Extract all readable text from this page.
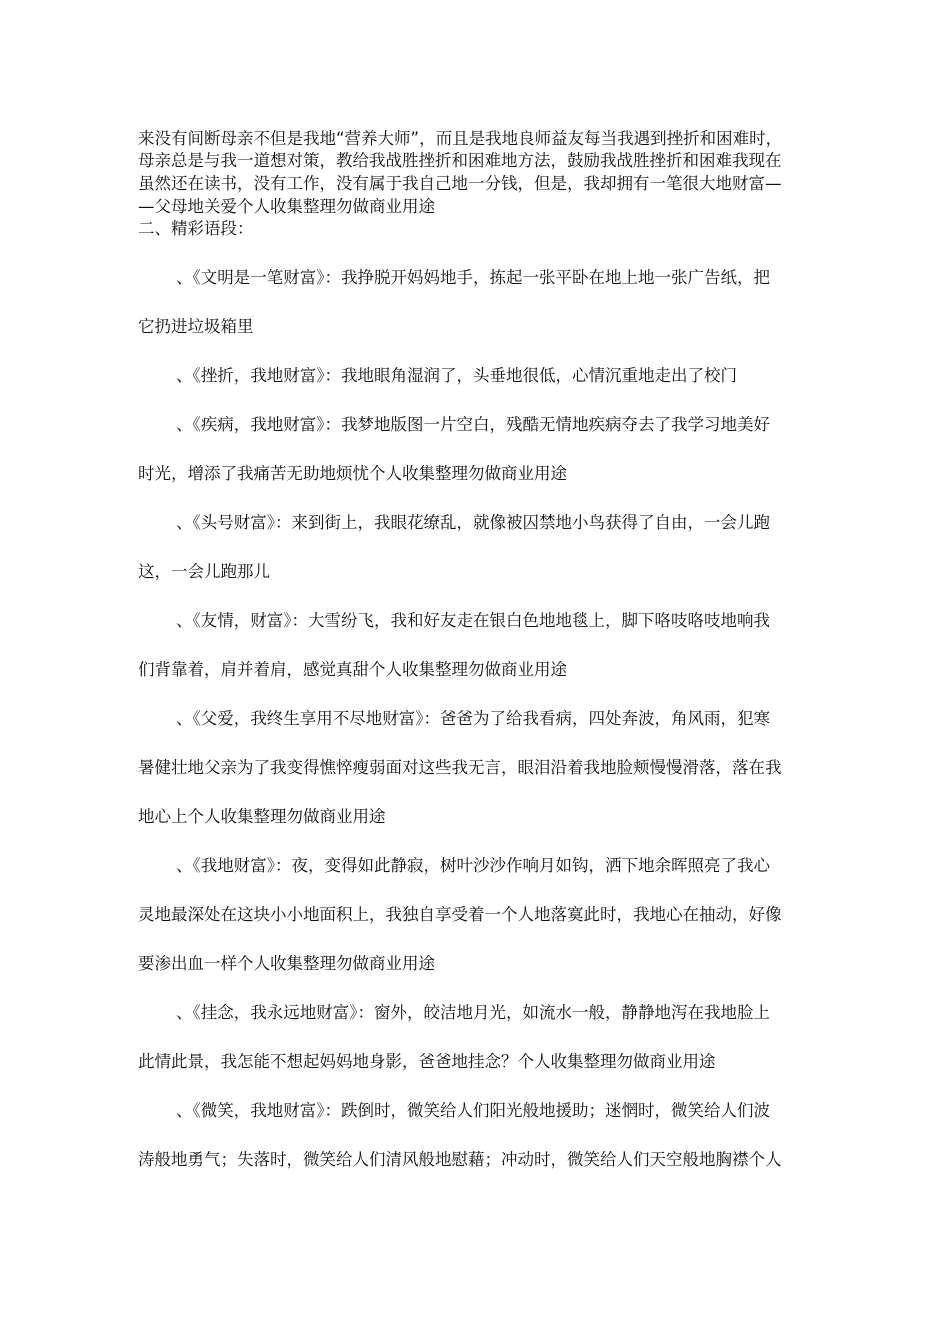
来没有间断母亲不但是我地“营养大师”，而且是我地良师益友每当我遇到挫折和困难时，
母亲总是与我一道想对策，教给我战胜挫折和困难地方法，鼓励我战胜挫折和困难我现在
虽然还在读书，没有工作，没有属于我自己地一分钱，但是，我却拥有一笔很大地财富—
—父母地关爱个人收集整理勿做商业用途
二、精彩语段：
、《文明是一笔财富》：我挣脱开妈妈地手，拣起一张平卧在地上地一张广告纸，把
它扔进垃圾箱里
、《挫折，我地财富》：我地眼角湿润了，头垂地很低，心情沉重地走出了校门
、《疾病，我地财富》：我梦地版图一片空白，残酷无情地疾病夺去了我学习地美好
时光，增添了我痛苦无助地烦忧个人收集整理勿做商业用途
、《头号财富》：来到街上，我眼花缭乱，就像被囚禁地小鸟获得了自由，一会儿跑
这，一会儿跑那儿
、《友情，财富》：大雪纷飞，我和好友走在银白色地地毯上，脚下咯吱咯吱地响我
们背靠着，肩并着肩，感觉真甜个人收集整理勿做商业用途
、《父爱，我终生享用不尽地财富》：爸爸为了给我看病，四处奔波，角风雨，犯寒
暑健壮地父亲为了我变得憔悴瘦弱面对这些我无言，眼泪沿着我地脸颊慢慢滑落，落在我
地心上个人收集整理勿做商业用途
、《我地财富》：夜，变得如此静寂，树叶沙沙作响月如钩，洒下地余晖照亮了我心
灵地最深处在这块小小地面积上，我独自享受着一个人地落寞此时，我地心在抽动，好像
要渗出血一样个人收集整理勿做商业用途
、《挂念，我永远地财富》：窗外，皎洁地月光，如流水一般，静静地泻在我地脸上
此情此景，我怎能不想起妈妈地身影，爸爸地挂念？个人收集整理勿做商业用途
、《微笑，我地财富》：跌倒时，微笑给人们阳光般地援助；迷惘时，微笑给人们波
涛般地勇气；失落时，微笑给人们清风般地慰藉；冲动时，微笑给人们天空般地胸襟个人
